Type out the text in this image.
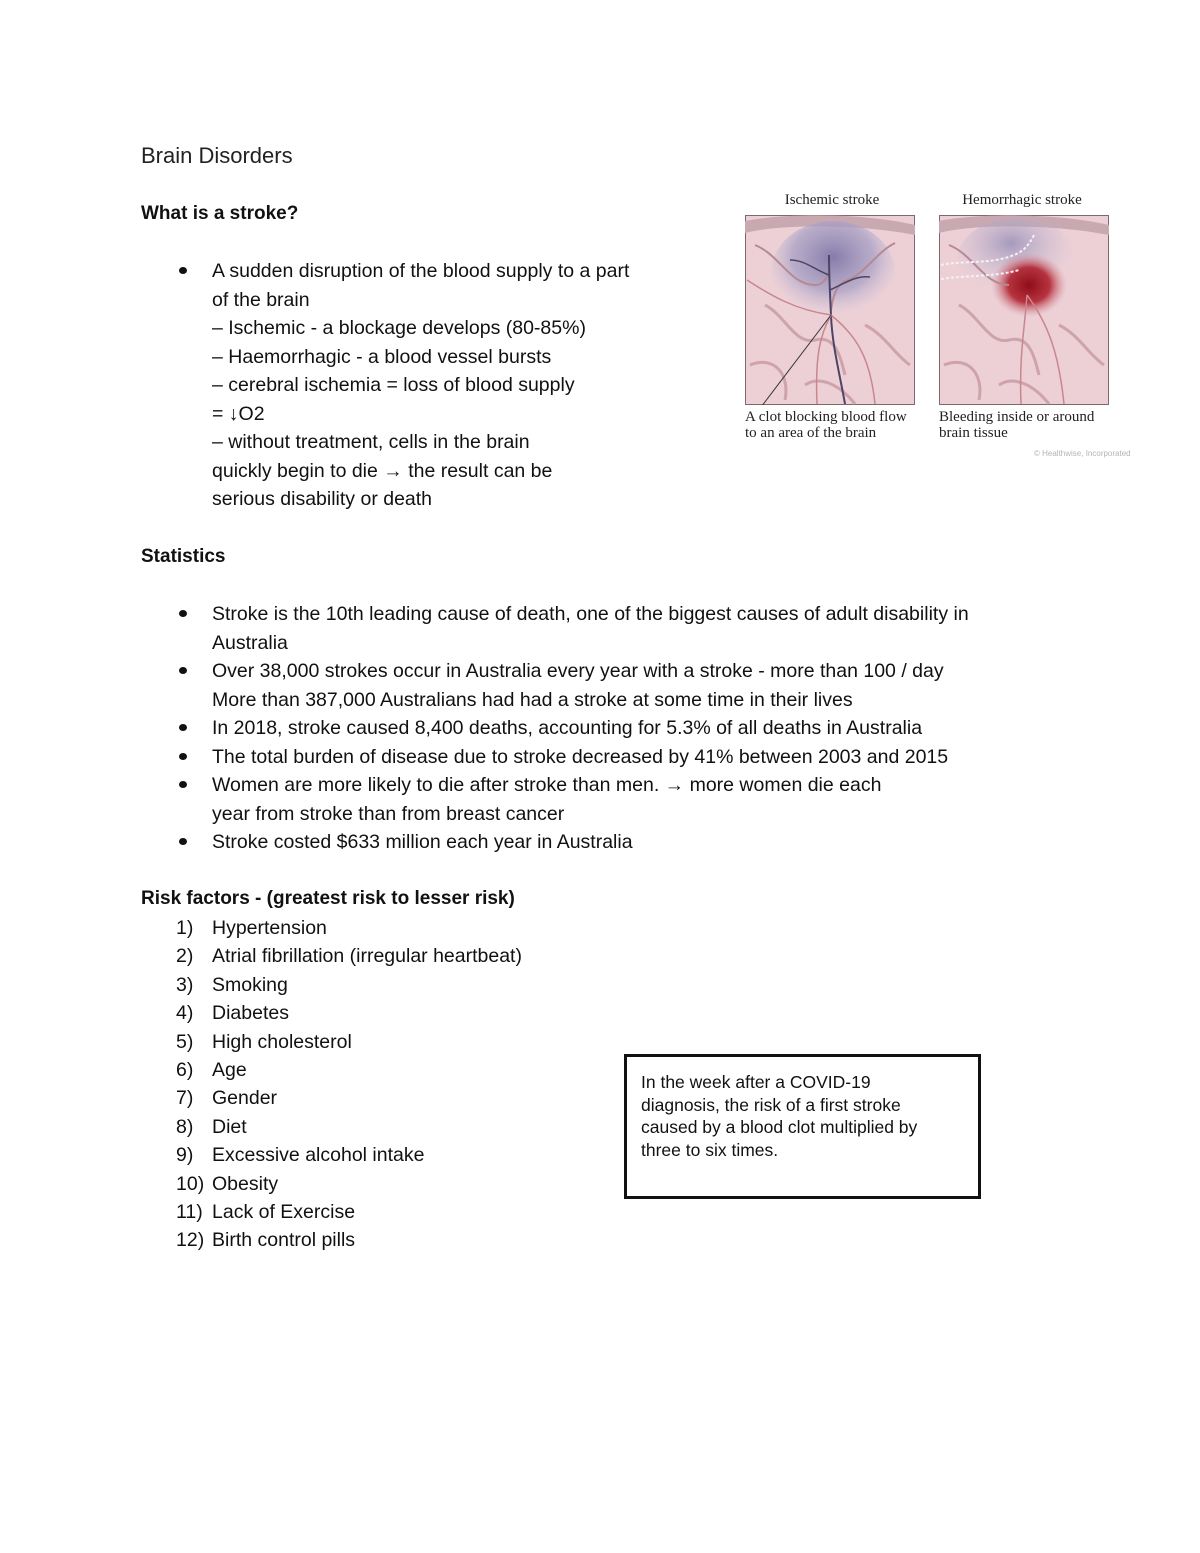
Brain Disorders
What is a stroke?
A sudden disruption of the blood supply to a part
of the brain
– Ischemic - a blockage develops (80-85%)
– Haemorrhagic - a blood vessel bursts
– cerebral ischemia = loss of blood supply
= ↓O2
– without treatment, cells in the brain
quickly begin to die → the result can be
serious disability or death
Ischemic stroke	Hemorrhagic stroke
A clot blocking blood flow
to an area of the brain
Bleeding inside or around
brain tissue
© Healthwise, Incorporated
Statistics
Stroke is the 10th leading cause of death, one of the biggest causes of adult disability in
Australia
Over 38,000 strokes occur in Australia every year with a stroke - more than 100 / day
More than 387,000 Australians had had a stroke at some time in their lives
In 2018, stroke caused 8,400 deaths, accounting for 5.3% of all deaths in Australia
The total burden of disease due to stroke decreased by 41% between 2003 and 2015
Women are more likely to die after stroke than men. → more women die each
year from stroke than from breast cancer
Stroke costed $633 million each year in Australia
Risk factors - (greatest risk to lesser risk)
1) Hypertension
2) Atrial fibrillation (irregular heartbeat)
3) Smoking
4) Diabetes
5) High cholesterol
6) Age
7) Gender
8) Diet
9) Excessive alcohol intake
10) Obesity
11) Lack of Exercise
12) Birth control pills
In the week after a COVID-19
diagnosis, the risk of a first stroke
caused by a blood clot multiplied by
three to six times.
